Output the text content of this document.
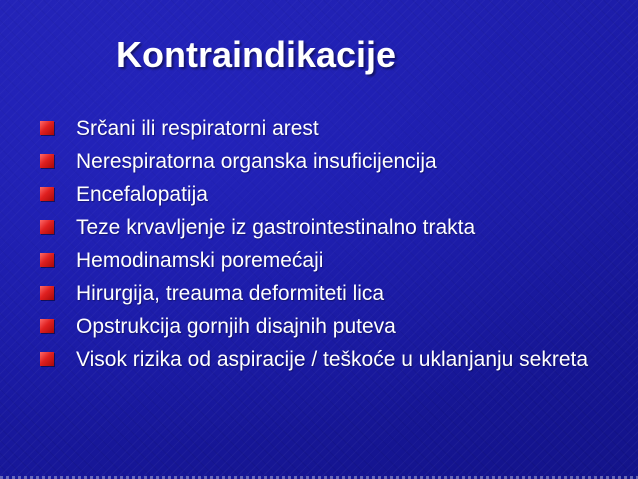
Kontraindikacije
Srčani ili respiratorni arest
Nerespiratorna organska insuficijencija
Encefalopatija
Teze krvavljenje iz gastrointestinalno trakta
Hemodinamski poremećaji
Hirurgija, treauma deformiteti lica
Opstrukcija gornjih disajnih puteva
Visok rizika od aspiracije / teškoće u uklanjanju sekreta
